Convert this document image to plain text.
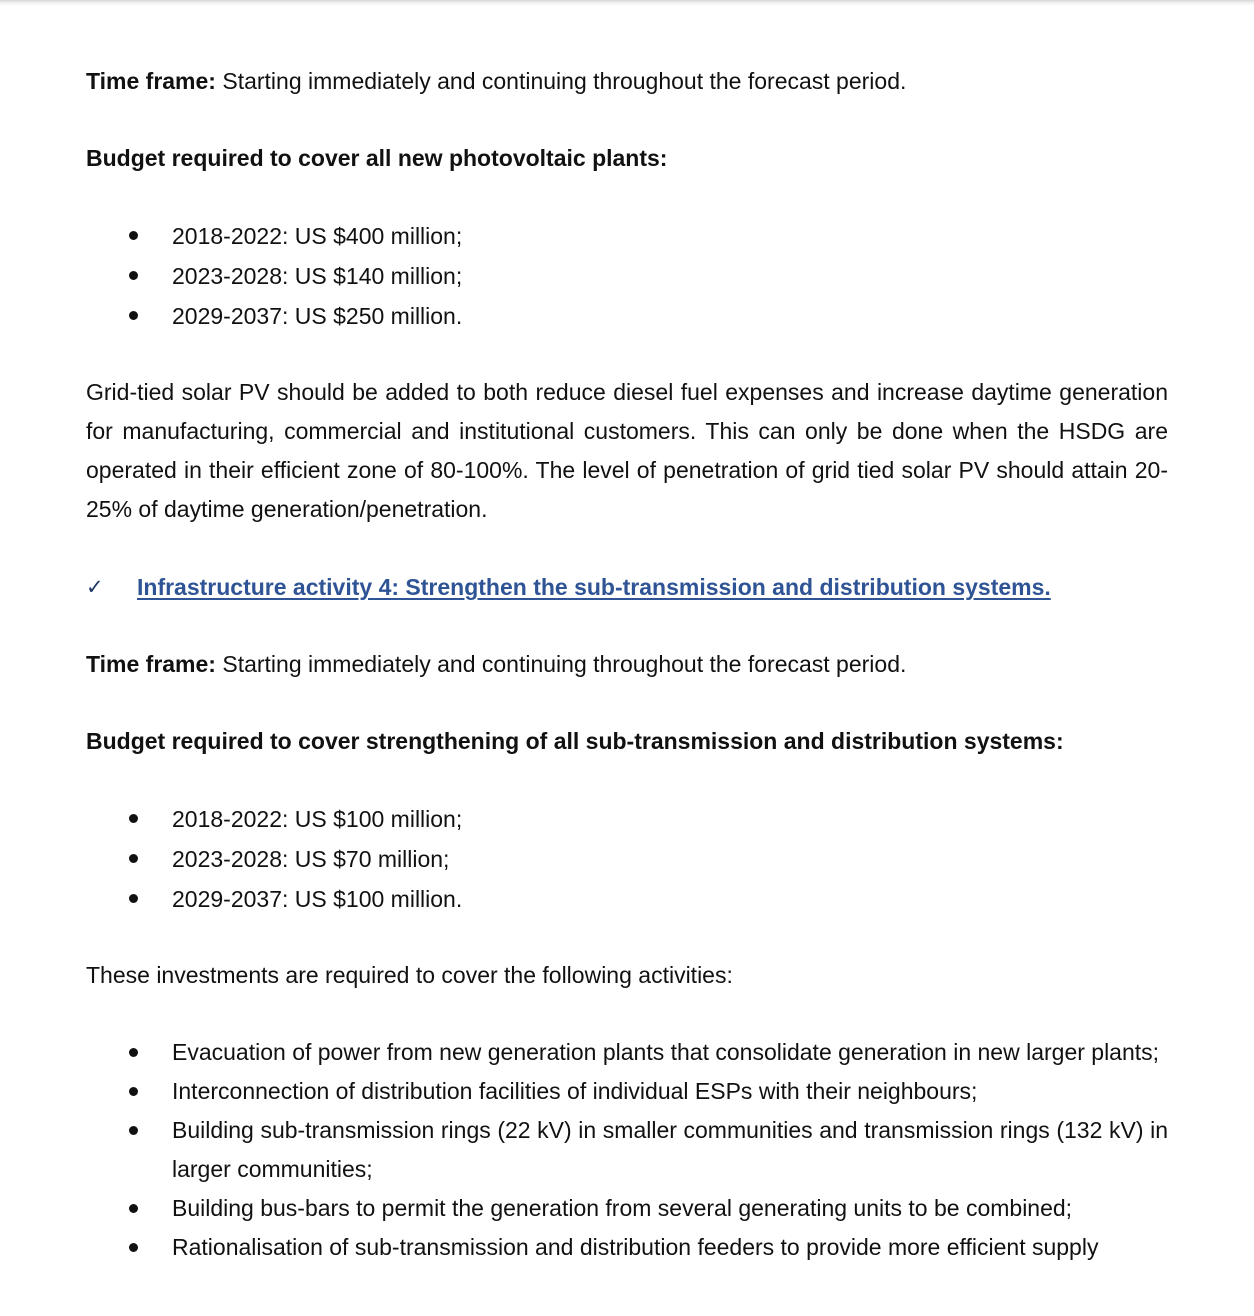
Time frame: Starting immediately and continuing throughout the forecast period.

Budget required to cover all new photovoltaic plants:

2018-2022: US $400 million;
2023-2028: US $140 million;
2029-2037: US $250 million.

Grid-tied solar PV should be added to both reduce diesel fuel expenses and increase daytime generation for manufacturing, commercial and institutional customers. This can only be done when the HSDG are operated in their efficient zone of 80-100%. The level of penetration of grid tied solar PV should attain 20-25% of daytime generation/penetration.

✓ Infrastructure activity 4: Strengthen the sub-transmission and distribution systems.

Time frame: Starting immediately and continuing throughout the forecast period.

Budget required to cover strengthening of all sub-transmission and distribution systems:

2018-2022: US $100 million;
2023-2028: US $70 million;
2029-2037: US $100 million.

These investments are required to cover the following activities:

Evacuation of power from new generation plants that consolidate generation in new larger plants;
Interconnection of distribution facilities of individual ESPs with their neighbours;
Building sub-transmission rings (22 kV) in smaller communities and transmission rings (132 kV) in larger communities;
Building bus-bars to permit the generation from several generating units to be combined;
Rationalisation of sub-transmission and distribution feeders to provide more efficient supply
